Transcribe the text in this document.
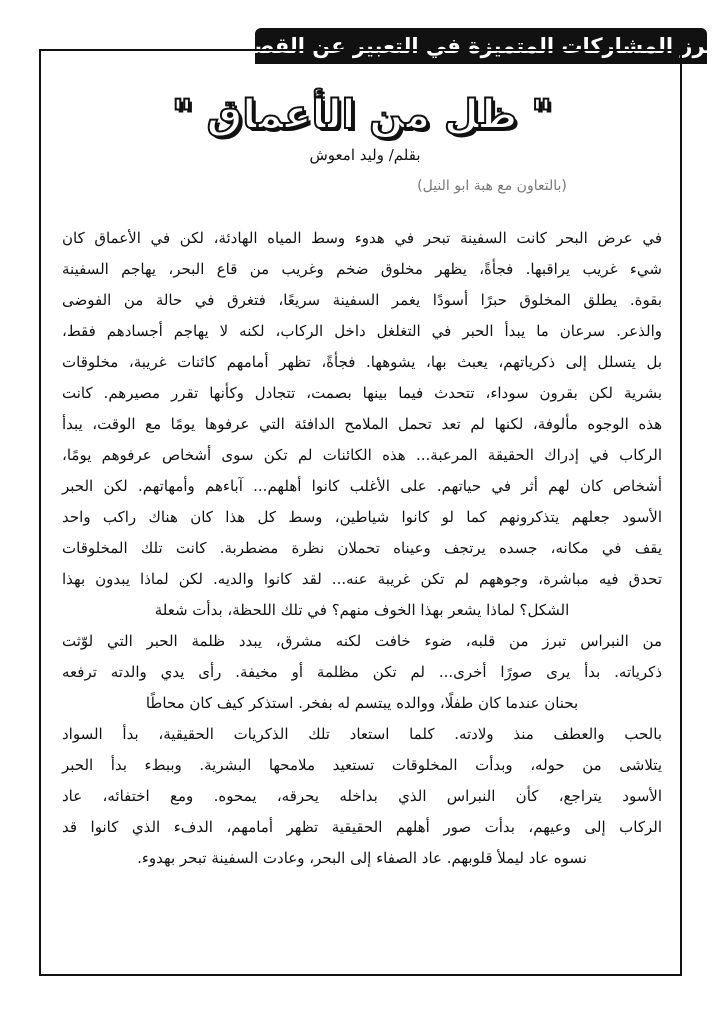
ابرز المشاركات المتميزة في التعبير عن القصة
" ظل من الأعماق "
بقلم/ وليد امعوش
(بالتعاون مع هبة ابو النيل)
في عرض البحر كانت السفينة تبحر في هدوء وسط المياه الهادئة، لكن في الأعماق كان
شيء غريب يراقبها. فجأةً، يظهر مخلوق ضخم وغريب من قاع البحر، يهاجم السفينة
بقوة. يطلق المخلوق حبرًا أسودًا يغمر السفينة سريعًا، فتغرق في حالة من الفوضى
والذعر. سرعان ما يبدأ الحبر في التغلغل داخل الركاب، لكنه لا يهاجم أجسادهم فقط،
بل يتسلل إلى ذكرياتهم، يعبث بها، يشوهها. فجأةً، تظهر أمامهم كائنات غريبة، مخلوقات
بشرية لكن بقرون سوداء، تتحدث فيما بينها بصمت، تتجادل وكأنها تقرر مصيرهم. كانت
هذه الوجوه مألوفة، لكنها لم تعد تحمل الملامح الدافئة التي عرفوها يومًا مع الوقت، يبدأ
الركاب في إدراك الحقيقة المرعبة... هذه الكائنات لم تكن سوى أشخاص عرفوهم يومًا،
أشخاص كان لهم أثر في حياتهم. على الأغلب كانوا أهلهم... آباءهم وأمهاتهم. لكن الحبر
الأسود جعلهم يتذكرونهم كما لو كانوا شياطين، وسط كل هذا كان هناك راكب واحد
يقف في مكانه، جسده يرتجف وعيناه تحملان نظرة مضطربة. كانت تلك المخلوقات
تحدق فيه مباشرة، وجوههم لم تكن غريبة عنه... لقد كانوا والديه. لكن لماذا يبدون بهذا
الشكل؟ لماذا يشعر بهذا الخوف منهم؟ في تلك اللحظة، بدأت شعلة
من النبراس تبرز من قلبه، ضوء خافت لكنه مشرق، يبدد ظلمة الحبر التي لوّثت
ذكرياته. بدأ يرى صورًا أخرى... لم تكن مظلمة أو مخيفة. رأى يدي والدته ترفعه
بحنان عندما كان طفلًا، ووالده يبتسم له بفخر. استذكر كيف كان محاطًا
بالحب والعطف منذ ولادته. كلما استعاد تلك الذكريات الحقيقية، بدأ السواد
يتلاشى من حوله، وبدأت المخلوقات تستعيد ملامحها البشرية. وببطء بدأ الحبر
الأسود يتراجع، كأن النبراس الذي بداخله يحرقه، يمحوه. ومع اختفائه، عاد
الركاب إلى وعيهم، بدأت صور أهلهم الحقيقية تظهر أمامهم، الدفء الذي كانوا قد
نسوه عاد ليملأ قلوبهم. عاد الصفاء إلى البحر، وعادت السفينة تبحر بهدوء.
